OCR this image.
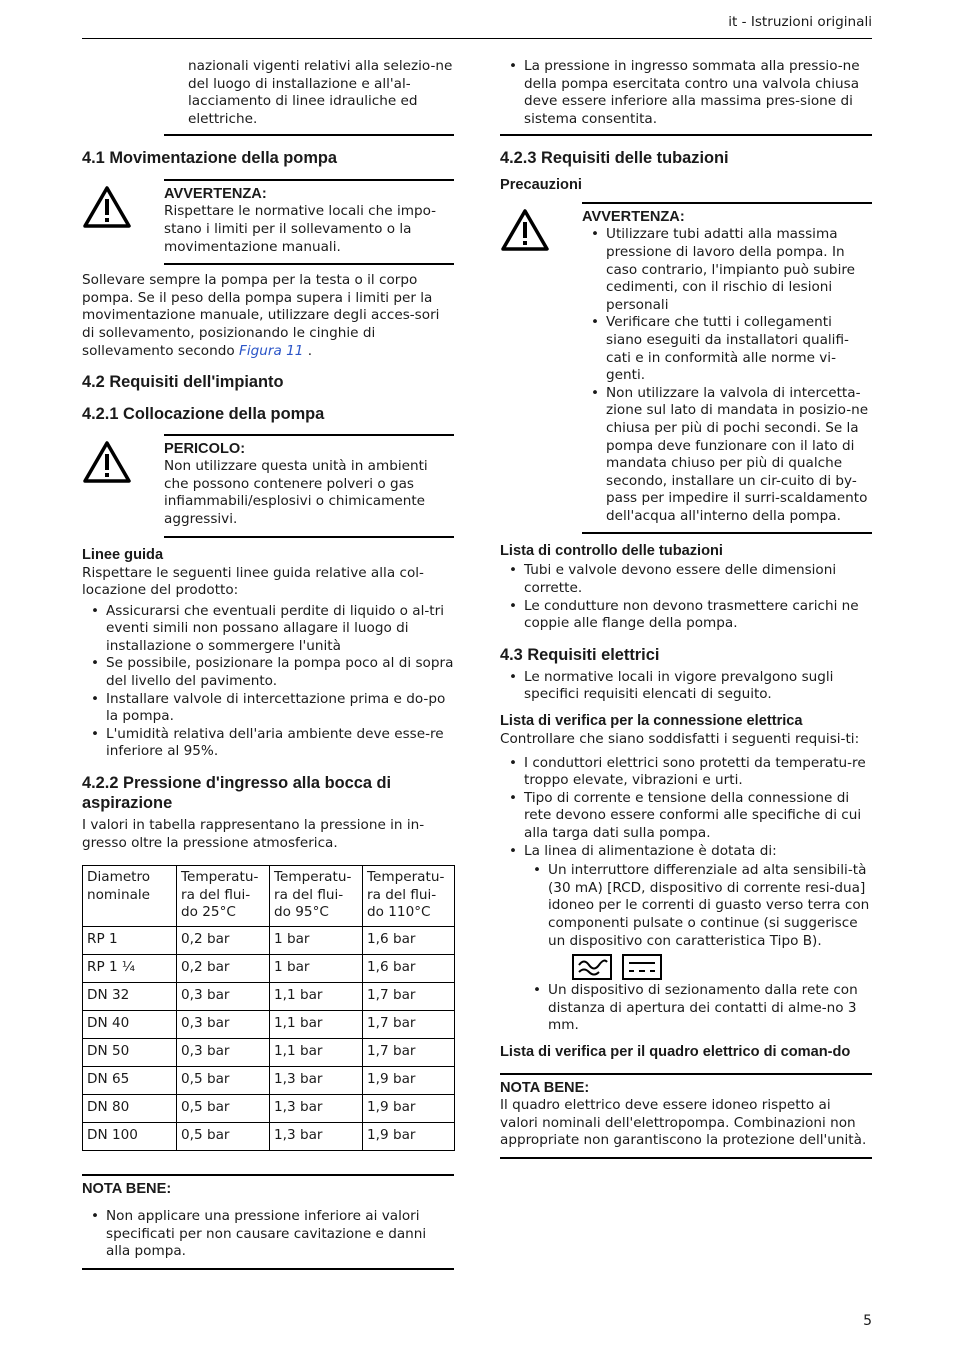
it - Istruzioni originali

nazionali vigenti relativi alla selezio-ne del luogo di installazione e all'al-lacciamento di linee idrauliche ed elettriche.

4.1 Movimentazione della pompa
AVVERTENZA:

Rispettare le normative locali che impo-stano i limiti per il sollevamento o la movimentazione manuali.

Sollevare sempre la pompa per la testa o il corpo pompa. Se il peso della pompa supera i limiti per la movimentazione manuale, utilizzare degli acces-sori di sollevamento, posizionando le cinghie di sollevamento secondo Figura 11 .

4.2 Requisiti dell'impianto
4.2.1 Collocazione della pompa
PERICOLO:

Non utilizzare questa unità in ambienti che possono contenere polveri o gas infiammabili/esplosivi o chimicamente aggressivi.

Linee guida

Rispettare le seguenti linee guida relative alla col-locazione del prodotto:

• Assicurarsi che eventuali perdite di liquido o al-tri eventi simili non possano allagare il luogo di installazione o sommergere l'unità
• Se possibile, posizionare la pompa poco al di sopra del livello del pavimento.
• Installare valvole di intercettazione prima e do-po la pompa.
• L'umidità relativa dell'aria ambiente deve esse-re inferiore al 95%.
4.2.2 Pressione d'ingresso alla bocca di aspirazione

I valori in tabella rappresentano la pressione in in-gresso oltre la pressione atmosferica.

Diametro nominale	Temperatu-ra del flui-do 25°C	Temperatu-ra del flui-do 95°C	Temperatu-ra del flui-do 110°C
RP 1	0,2 bar	1 bar	1,6 bar
RP 1 ¼	0,2 bar	1 bar	1,6 bar
DN 32	0,3 bar	1,1 bar	1,7 bar
DN 40	0,3 bar	1,1 bar	1,7 bar
DN 50	0,3 bar	1,1 bar	1,7 bar
DN 65	0,5 bar	1,3 bar	1,9 bar
DN 80	0,5 bar	1,3 bar	1,9 bar
DN 100	0,5 bar	1,3 bar	1,9 bar
NOTA BENE:
• Non applicare una pressione inferiore ai valori specificati per non causare cavitazione e danni alla pompa.
• La pressione in ingresso sommata alla pressio-ne della pompa esercitata contro una valvola chiusa deve essere inferiore alla massima pres-sione di sistema consentita.
4.2.3 Requisiti delle tubazioni
Precauzioni
AVVERTENZA:
• Utilizzare tubi adatti alla massima pressione di lavoro della pompa. In caso contrario, l'impianto può subire cedimenti, con il rischio di lesioni personali
• Verificare che tutti i collegamenti siano eseguiti da installatori qualifi-cati e in conformità alle norme vi-genti.
• Non utilizzare la valvola di intercetta-zione sul lato di mandata in posizio-ne chiusa per più di pochi secondi. Se la pompa deve funzionare con il lato di mandata chiuso per più di qualche secondo, installare un cir-cuito di by-pass per impedire il surri-scaldamento dell'acqua all'interno della pompa.
Lista di controllo delle tubazioni
• Tubi e valvole devono essere delle dimensioni corrette.
• Le condutture non devono trasmettere carichi ne coppie alle flange della pompa.
4.3 Requisiti elettrici
• Le normative locali in vigore prevalgono sugli specifici requisiti elencati di seguito.
Lista di verifica per la connessione elettrica

Controllare che siano soddisfatti i seguenti requisi-ti:

• I conduttori elettrici sono protetti da temperatu-re troppo elevate, vibrazioni e urti.
• Tipo di corrente e tensione della connessione di rete devono essere conformi alle specifiche di cui alla targa dati sulla pompa.
• La linea di alimentazione è dotata di:
• Un interruttore differenziale ad alta sensibili-tà (30 mA) [RCD, dispositivo di corrente resi-dua] idoneo per le correnti di guasto verso terra con componenti pulsate o continue (si suggerisce un dispositivo con caratteristica Tipo B).
• Un dispositivo di sezionamento dalla rete con distanza di apertura dei contatti di alme-no 3 mm.
Lista di verifica per il quadro elettrico di coman-do
NOTA BENE:

Il quadro elettrico deve essere idoneo rispetto ai valori nominali dell'elettropompa. Combinazioni non appropriate non garantiscono la protezione dell'unità.

5
